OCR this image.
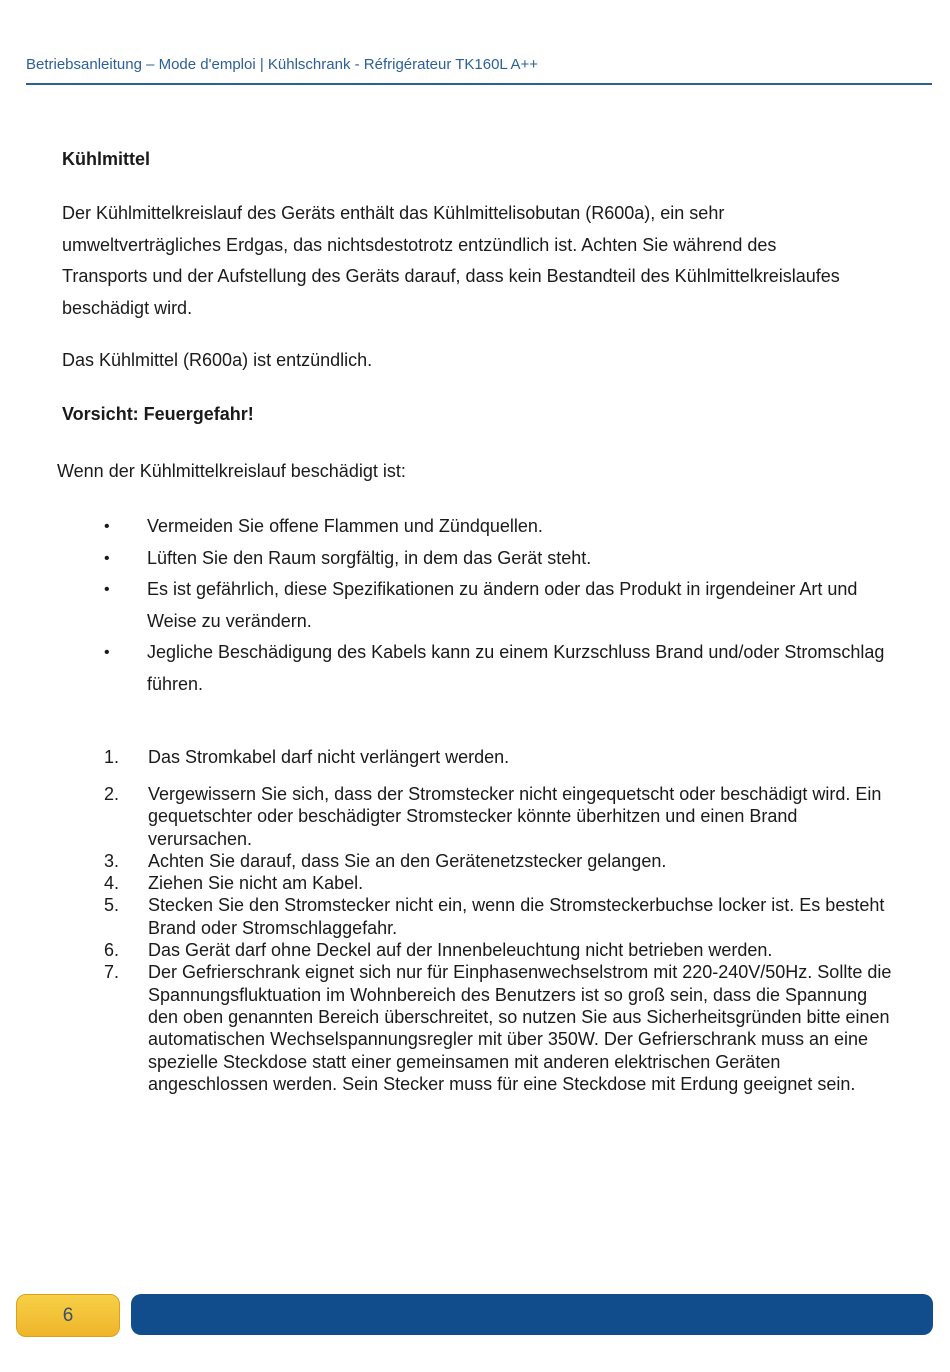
Betriebsanleitung – Mode d'emploi | Kühlschrank - Réfrigérateur TK160L A++
Kühlmittel

Der Kühlmittelkreislauf des Geräts enthält das Kühlmittelisobutan (R600a), ein sehr umweltverträgliches Erdgas, das nichtsdestotrotz entzündlich ist. Achten Sie während des Transports und der Aufstellung des Geräts darauf, dass kein Bestandteil des Kühlmittelkreislaufes beschädigt wird.

Das Kühlmittel (R600a) ist entzündlich.

Vorsicht: Feuergefahr!
Wenn der Kühlmittelkreislauf beschädigt ist:
• Vermeiden Sie offene Flammen und Zündquellen.
• Lüften Sie den Raum sorgfältig, in dem das Gerät steht.
• Es ist gefährlich, diese Spezifikationen zu ändern oder das Produkt in irgendeiner Art und Weise zu verändern.
• Jegliche Beschädigung des Kabels kann zu einem Kurzschluss Brand und/oder Stromschlag führen.
1. Das Stromkabel darf nicht verlängert werden.
2. Vergewissern Sie sich, dass der Stromstecker nicht eingequetscht oder beschädigt wird. Ein gequetschter oder beschädigter Stromstecker könnte überhitzen und einen Brand verursachen.
3. Achten Sie darauf, dass Sie an den Gerätenetzstecker gelangen.
4. Ziehen Sie nicht am Kabel.
5. Stecken Sie den Stromstecker nicht ein, wenn die Stromsteckerbuchse locker ist. Es besteht Brand oder Stromschlaggefahr.
6. Das Gerät darf ohne Deckel auf der Innenbeleuchtung nicht betrieben werden.
7. Der Gefrierschrank eignet sich nur für Einphasenwechselstrom mit 220-240V/50Hz. Sollte die Spannungsfluktuation im Wohnbereich des Benutzers ist so groß sein, dass die Spannung den oben genannten Bereich überschreitet, so nutzen Sie aus Sicherheitsgründen bitte einen automatischen Wechselspannungsregler mit über 350W. Der Gefrierschrank muss an eine spezielle Steckdose statt einer gemeinsamen mit anderen elektrischen Geräten angeschlossen werden. Sein Stecker muss für eine Steckdose mit Erdung geeignet sein.
6
